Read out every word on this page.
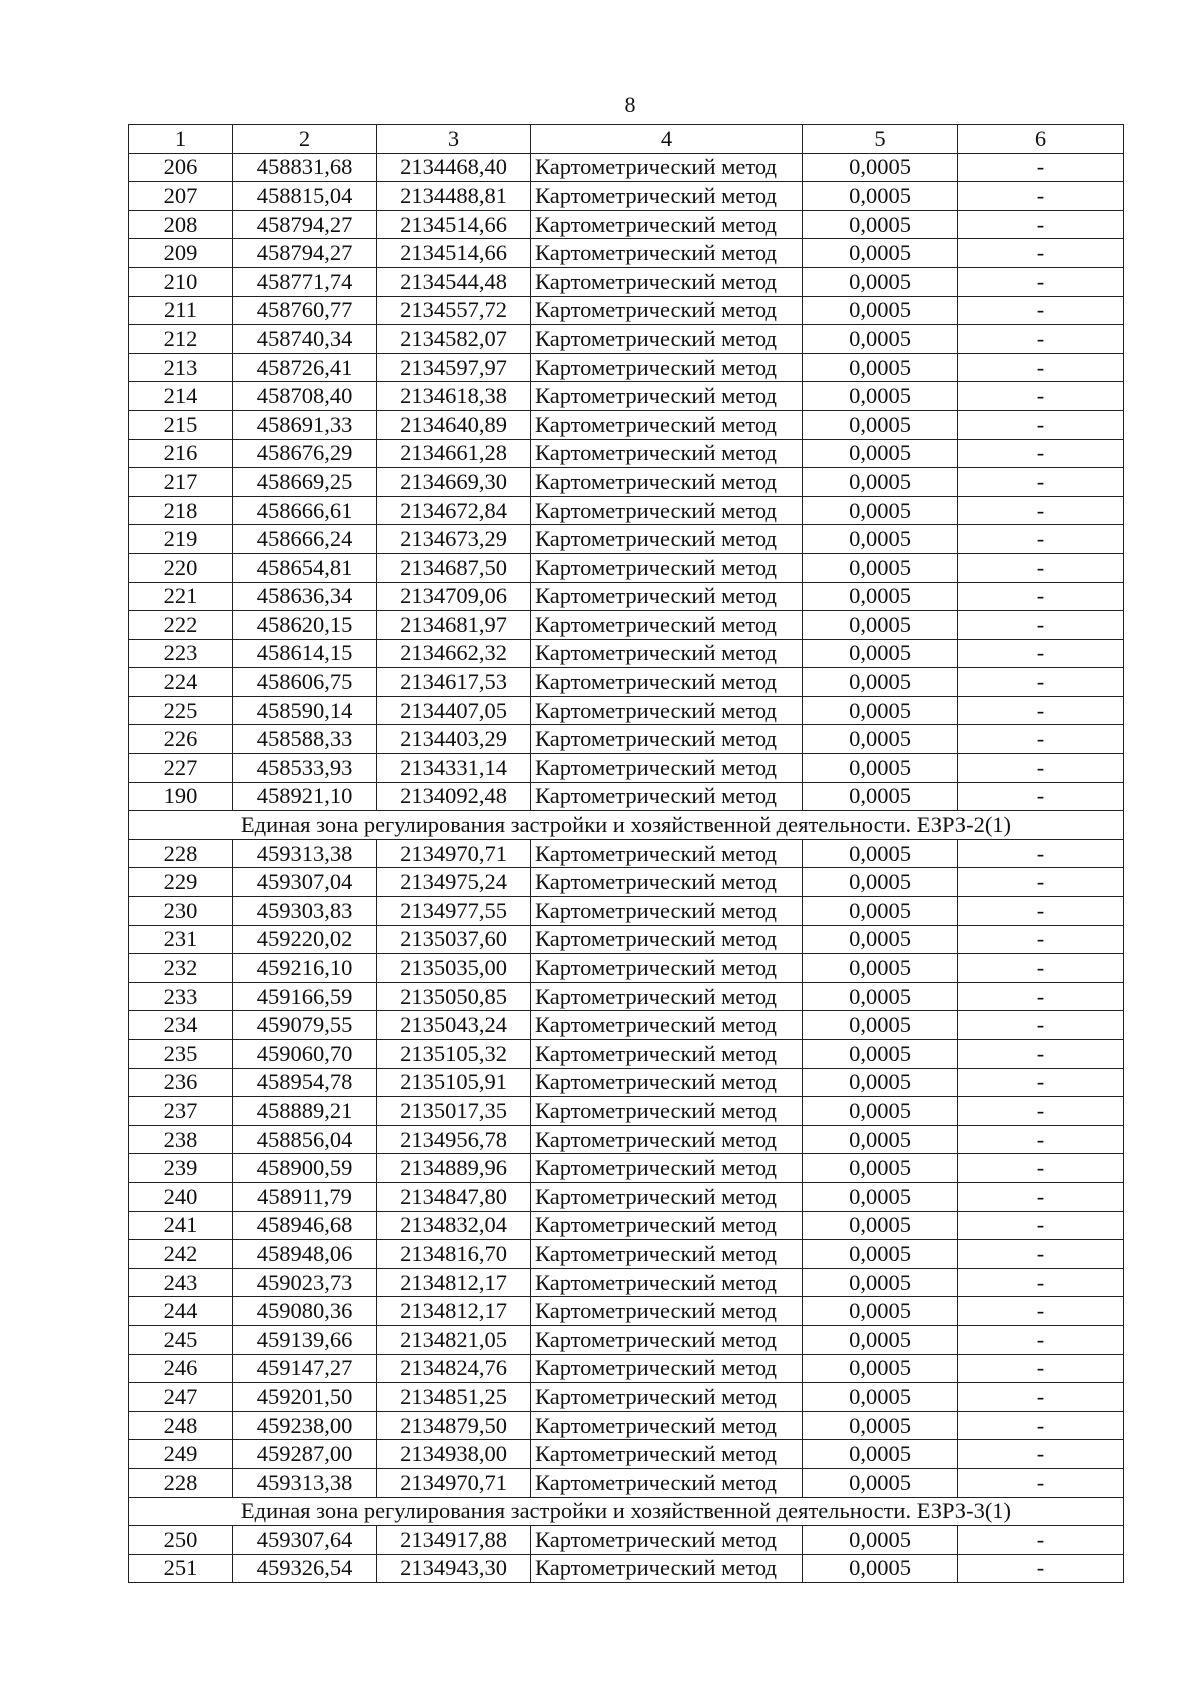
8
1	2	3	4	5	6
206	458831,68	2134468,40	Картометрический метод	0,0005	-
207	458815,04	2134488,81	Картометрический метод	0,0005	-
208	458794,27	2134514,66	Картометрический метод	0,0005	-
209	458794,27	2134514,66	Картометрический метод	0,0005	-
210	458771,74	2134544,48	Картометрический метод	0,0005	-
211	458760,77	2134557,72	Картометрический метод	0,0005	-
212	458740,34	2134582,07	Картометрический метод	0,0005	-
213	458726,41	2134597,97	Картометрический метод	0,0005	-
214	458708,40	2134618,38	Картометрический метод	0,0005	-
215	458691,33	2134640,89	Картометрический метод	0,0005	-
216	458676,29	2134661,28	Картометрический метод	0,0005	-
217	458669,25	2134669,30	Картометрический метод	0,0005	-
218	458666,61	2134672,84	Картометрический метод	0,0005	-
219	458666,24	2134673,29	Картометрический метод	0,0005	-
220	458654,81	2134687,50	Картометрический метод	0,0005	-
221	458636,34	2134709,06	Картометрический метод	0,0005	-
222	458620,15	2134681,97	Картометрический метод	0,0005	-
223	458614,15	2134662,32	Картометрический метод	0,0005	-
224	458606,75	2134617,53	Картометрический метод	0,0005	-
225	458590,14	2134407,05	Картометрический метод	0,0005	-
226	458588,33	2134403,29	Картометрический метод	0,0005	-
227	458533,93	2134331,14	Картометрический метод	0,0005	-
190	458921,10	2134092,48	Картометрический метод	0,0005	-
Единая зона регулирования застройки и хозяйственной деятельности. ЕЗРЗ-2(1)					
228	459313,38	2134970,71	Картометрический метод	0,0005	-
229	459307,04	2134975,24	Картометрический метод	0,0005	-
230	459303,83	2134977,55	Картометрический метод	0,0005	-
231	459220,02	2135037,60	Картометрический метод	0,0005	-
232	459216,10	2135035,00	Картометрический метод	0,0005	-
233	459166,59	2135050,85	Картометрический метод	0,0005	-
234	459079,55	2135043,24	Картометрический метод	0,0005	-
235	459060,70	2135105,32	Картометрический метод	0,0005	-
236	458954,78	2135105,91	Картометрический метод	0,0005	-
237	458889,21	2135017,35	Картометрический метод	0,0005	-
238	458856,04	2134956,78	Картометрический метод	0,0005	-
239	458900,59	2134889,96	Картометрический метод	0,0005	-
240	458911,79	2134847,80	Картометрический метод	0,0005	-
241	458946,68	2134832,04	Картометрический метод	0,0005	-
242	458948,06	2134816,70	Картометрический метод	0,0005	-
243	459023,73	2134812,17	Картометрический метод	0,0005	-
244	459080,36	2134812,17	Картометрический метод	0,0005	-
245	459139,66	2134821,05	Картометрический метод	0,0005	-
246	459147,27	2134824,76	Картометрический метод	0,0005	-
247	459201,50	2134851,25	Картометрический метод	0,0005	-
248	459238,00	2134879,50	Картометрический метод	0,0005	-
249	459287,00	2134938,00	Картометрический метод	0,0005	-
228	459313,38	2134970,71	Картометрический метод	0,0005	-
Единая зона регулирования застройки и хозяйственной деятельности. ЕЗРЗ-3(1)					
250	459307,64	2134917,88	Картометрический метод	0,0005	-
251	459326,54	2134943,30	Картометрический метод	0,0005	-
